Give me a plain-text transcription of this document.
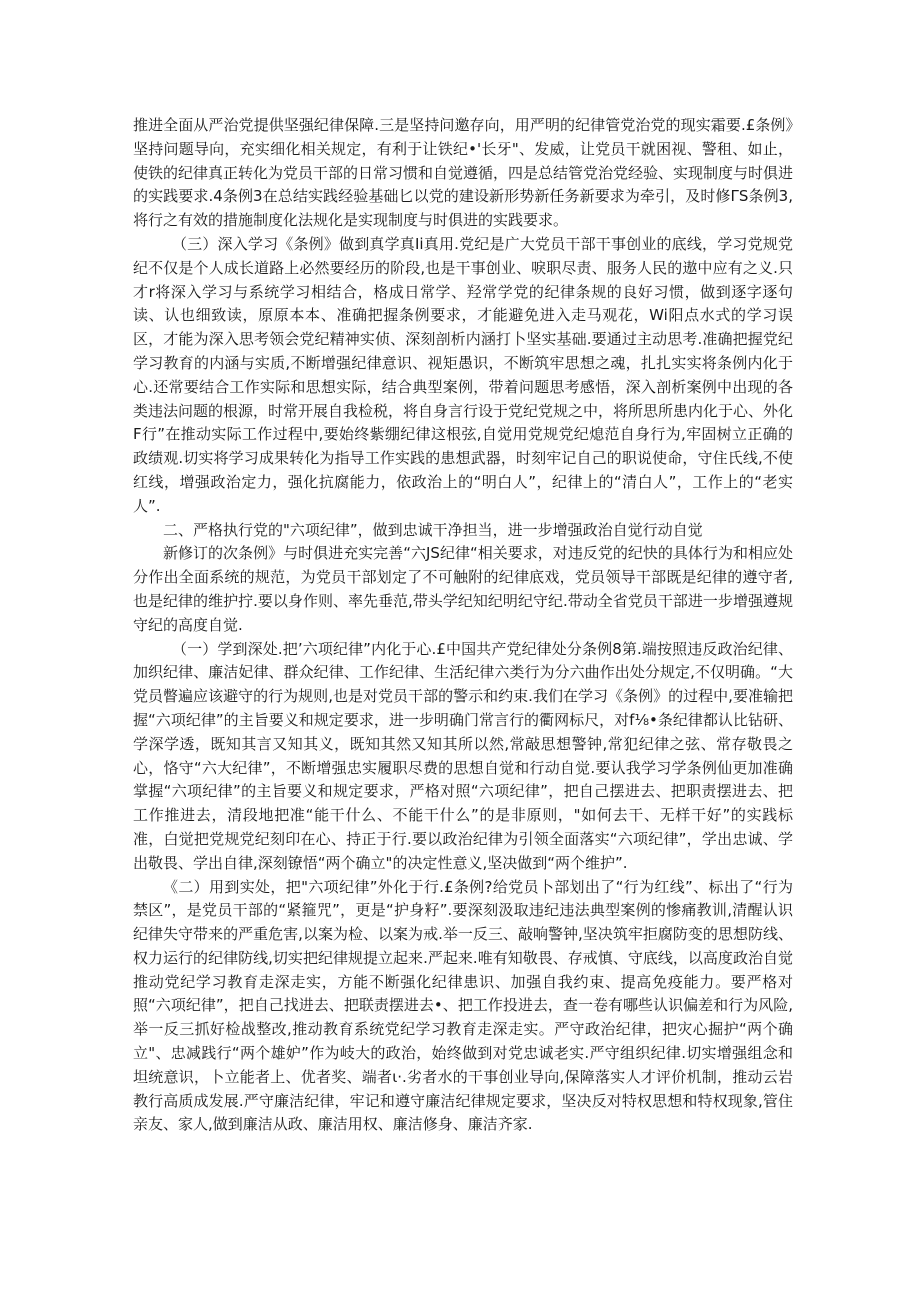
推进全面从严治党提供坚强纪律保障.三是坚持问邀存向，用严明的纪律管党治党的现实霜要.£条例》坚持问题导向，充实细化相关规定，有利于让铁纪•'长牙"、发威，让党员干就困视、警租、如止，使铁的纪律真正转化为党员干部的日常习惯和自觉遵循，四是总结管党治党经验、实现制度与时俱进的实践要求.4条例3在总结实践经验基础匕以党的建设新形势新任务新要求为牵引，及时修ΓS条例3,将行之有效的措施制度化法规化是实现制度与时俱进的实践要求。

（三）深入学习《条例》做到真学真Ii真用.党纪是广大党员干部干事创业的底线，学习党规党纪不仅是个人成长道路上必然要经历的阶段,也是干事创业、唳职尽责、服务人民的遨中应有之义.只才r将深入学习与系统学习相结合，格成日常学、羟常学党的纪律条规的良好习惯，做到逐字逐句读、认也细致读，原原本本、准确把握条例要求，才能避免进入走马观花，Wi阳点水式的学习误区，才能为深入思考领会党纪精神实侦、深刻剖析内涵打卜坚实基础.要通过主动思考.准确把握党纪学习教育的内涵与实质,不断增强纪律意识、视矩愚识，不断筑牢思想之魂，扎扎实实将条例内化于心.还常要结合工作实际和思想实际，结合典型案例，带着问题思考感悟，深入剖析案例中出现的各类违法问题的根源，时常开展自我检税，将自身言行设于党纪党规之中，将所思所患内化于心、外化F行”在推动实际工作过程中,要始终紫绷纪律这根弦,自觉用党规党纪熄范自身行为,牢固树立正确的政绩观.切实将学习成果转化为指导工作实践的患想武器，时刻牢记自己的职说使命，守住氏线,不使红线，增强政治定力，强化抗腐能力，依政治上的“明白人”，纪律上的“清白人”，工作上的“老实人”.

二、严格执行党的"六项纪律”，做到忠诚干净担当，进一步增强政治自觉行动自觉

新修订的次条例》与时俱进充实完善“六JS纪律“相关要求，对违反党的纪快的具体行为和相应处分作出全面系统的规范，为党员干部划定了不可触附的纪律底戏，党员领导干部既是纪律的遵守者,也是纪律的维护拧.要以身作则、率先垂范,带头学纪知纪明纪守纪.带动全省党员干部进一步增强遵规守纪的高度自觉.

（一）学到深处.把’六项纪律”内化于心.£中国共产党纪律处分条例8第.端按照违反政治纪律、加织纪律、廉洁妃律、群众纪律、工作纪律、生活纪律六类行为分六曲作出处分规定,不仅明确。“大党员瞥遍应该避守的行为规则,也是对党员干部的警示和约束.我们在学习《条例》的过程中,要准输把握“六项纪律”的主旨要义和规定要求，进一步明确门常言行的衢网标尺，对f⅛•条纪律都认比钻研、学深学透，既知其言又知其义，既知其然又知其所以然,常敲思想警钟,常犯纪律之弦、常存敬畏之心，恪守“六大纪律”，不断增强忠实履职尽费的思想自觉和行动自觉.要认我学习学条例仙更加准确掌握“六项纪律”的主旨要义和规定要求，严格对照“六项纪律”，把自己摆进去、把职责摆进去、把工作推进去，清段地把准“能干什么、不能干什么”的是非原则，"如何去干、无样干好”的实践标准，白觉把党规党纪刻印在心、持正于行.要以政治纪律为引领全面落实“六项纪律”，学出忠诚、学出敬畏、学出自律,深刻镣悟“两个确立"的决定性意义,坚决做到“两个维护”.

《二）用到实处，把"六项纪律”外化于行.£条例?给党员卜部划出了“行为红线”、标出了“行为禁区”，是党员干部的“紧箍咒”，更是“护身籽”.要深刻汲取违纪违法典型案例的惨痛教训,清醒认识纪律失守带来的严重危害,以案为检、以案为戒.举一反三、敲响警钟,坚决筑牢拒腐防变的思想防线、权力运行的纪律防线,切实把纪律规提立起来.严起来.唯有知敬畏、存戒慎、守底线，以高度政治自觉推动党纪学习教育走深走实，方能不断强化纪律患识、加强自我约束、提高免疫能力。要严格对照“六项纪律”，把自己找进去、把联责摆进去•、把工作投进去，查一卷有哪些认识偏差和行为风险,举一反三抓好检战整改,推动教育系统党纪学习教育走深走实。严守政治纪律，把灾心掘护“两个确立"、忠减践行“两个雄妒”作为岐大的政治，始终做到对党忠诚老实.严守组织纪律.切实增强组念和坦统意识，卜立能者上、优者奖、端者ι·.劣者水的干事创业导向,保障落实人才评价机制，推动云岩教行高质成发展.严守廉洁纪律，牢记和遵守廉洁纪律规定要求，坚决反对特权思想和特权现象,管住亲友、家人,做到廉洁从政、廉洁用权、廉洁修身、廉洁齐家.
